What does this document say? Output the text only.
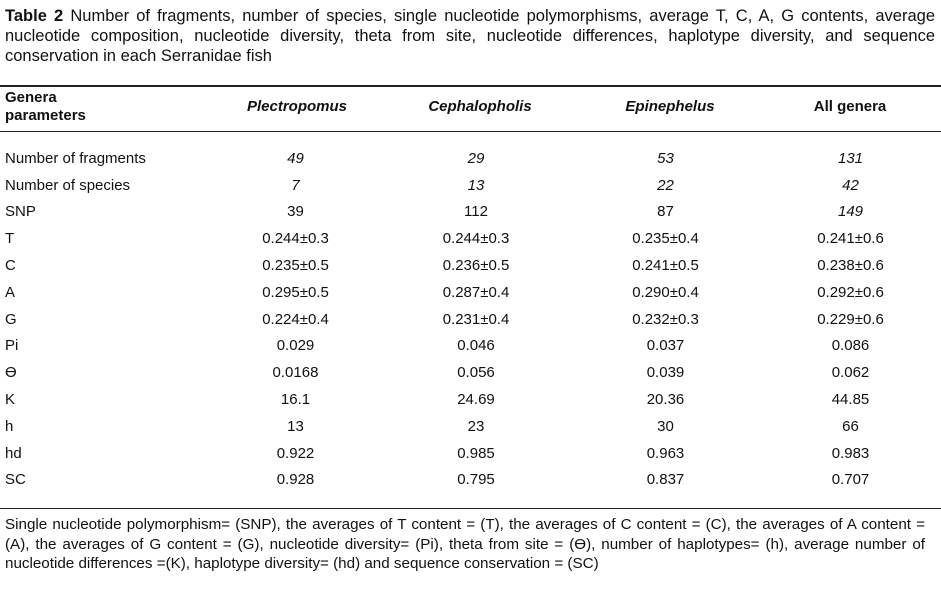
Table 2 Number of fragments, number of species, single nucleotide polymorphisms, average T, C, A, G contents, average nucleotide composition, nucleotide diversity, theta from site, nucleotide differences, haplotype diversity, and sequence conservation in each Serranidae fish
Genera
parameters
Plectropomus	Cephalopholis	Epinephelus	All genera
Number of fragments	49	29	53	131
Number of species	7	13	22	42
SNP	39	112	87	149
T	0.244±0.3	0.244±0.3	0.235±0.4	0.241±0.6
C	0.235±0.5	0.236±0.5	0.241±0.5	0.238±0.6
A	0.295±0.5	0.287±0.4	0.290±0.4	0.292±0.6
G	0.224±0.4	0.231±0.4	0.232±0.3	0.229±0.6
Pi	0.029	0.046	0.037	0.086
ϴ	0.0168	0.056	0.039	0.062
K	16.1	24.69	20.36	44.85
h	13	23	30	66
hd	0.922	0.985	0.963	0.983
SC	0.928	0.795	0.837	0.707

Single nucleotide polymorphism= (SNP), the averages of T content = (T), the averages of C content = (C), the averages of A content = (A), the averages of G content = (G), nucleotide diversity= (Pi), theta from site = (ϴ), number of haplotypes= (h), average number of nucleotide differences =(K), haplotype diversity= (hd) and sequence conservation = (SC)
